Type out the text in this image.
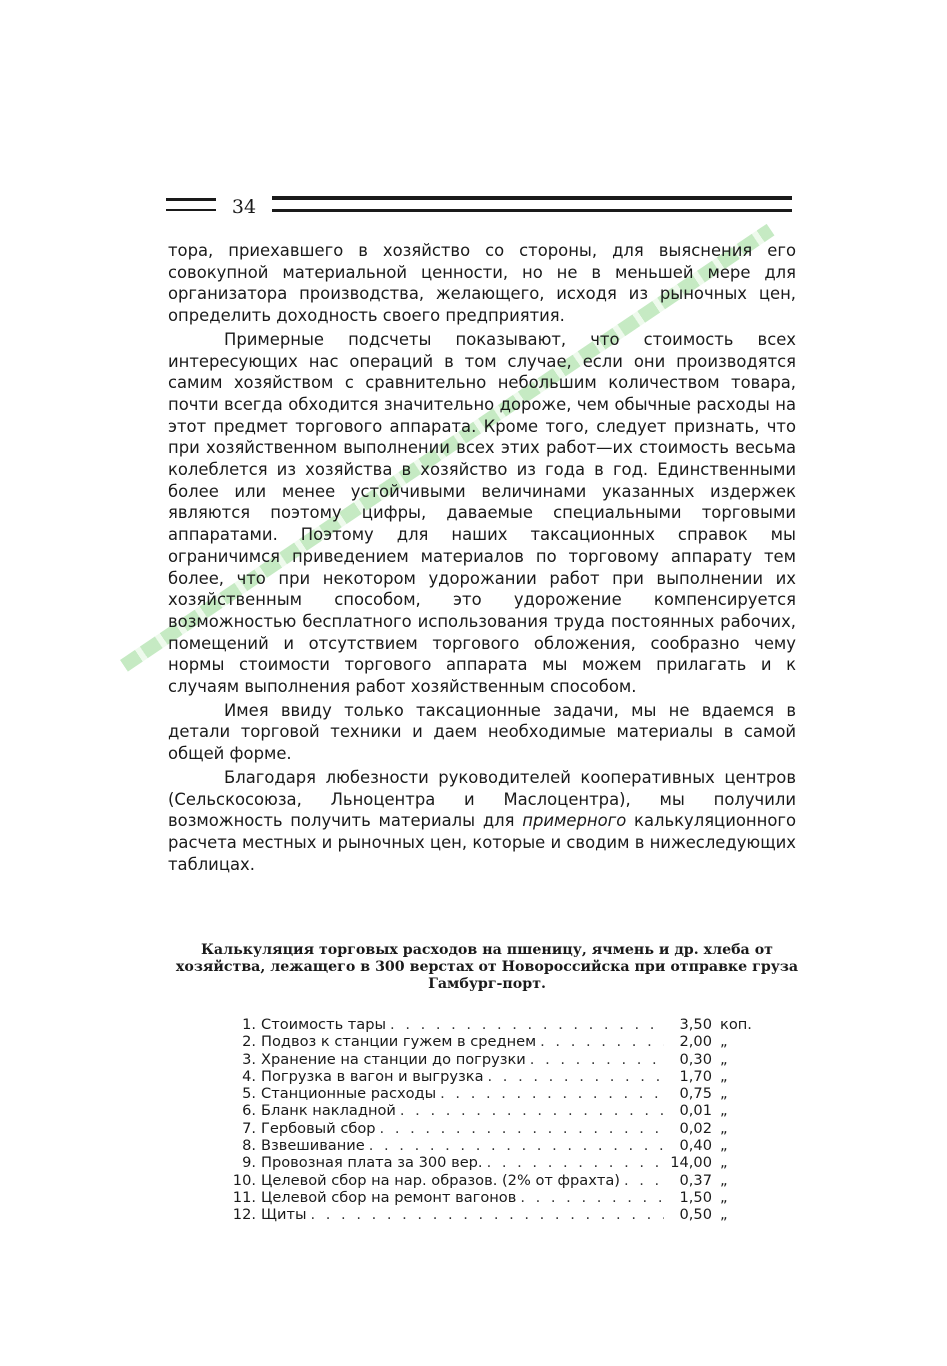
34

тора, приехавшего в хозяйство со стороны, для выяснения его совокупной материальной ценности, но не в меньшей мере для организатора производства, желающего, исходя из рыночных цен, определить доходность своего предприятия.

Примерные подсчеты показывают, что стоимость всех интересующих нас операций в том случае, если они производятся самим хозяйством с сравнительно небольшим количеством товара, почти всегда обходится значительно дороже, чем обычные расходы на этот предмет торгового аппарата. Кроме того, следует признать, что при хозяйственном выполнении всех этих работ—их стоимость весьма колеблется из хозяйства в хозяйство из года в год. Единственными более или менее устойчивыми величинами указанных издержек являются поэтому цифры, даваемые специальными торговыми аппаратами. Поэтому для наших таксационных справок мы ограничимся приведением материалов по торговому аппарату тем более, что при некотором удорожании работ при выполнении их хозяйственным способом, это удорожение компенсируется возможностью бесплатного использования труда постоянных рабочих, помещений и отсутствием торгового обложения, сообразно чему нормы стоимости торгового аппарата мы можем прилагать и к случаям выполнения работ хозяйственным способом.

Имея ввиду только таксационные задачи, мы не вдаемся в детали торговой техники и даем необходимые материалы в самой общей форме.

Благодаря любезности руководителей кооперативных центров (Сельскосоюза, Льноцентра и Маслоцентра), мы получили возможность получить материалы для примерного калькуляционного расчета местных и рыночных цен, которые и сводим в нижеследующих таблицах.

Калькуляция торговых расходов на пшеницу, ячмень и др. хлеба от хозяйства, лежащего в 300 верстах от Новороссийска при отправке груза Гамбург-порт.
1. Стоимость тары . . .	3,50 коп.
2. Подвоз к станции гужем в среднем . . .	2,00 „
3. Хранение на станции до погрузки . . .	0,30 „
4. Погрузка в вагон и выгрузка . . .	1,70 „
5. Станционные расходы . . .	0,75 „
6. Бланк накладной . . .	0,01 „
7. Гербовый сбор . . .	0,02 „
8. Взвешивание . . .	0,40 „
9. Провозная плата за 300 вер. . . .	14,00 „
10. Целевой сбор на нар. образов. (2% от фрахта) . . .	0,37 „
11. Целевой сбор на ремонт вагонов . . .	1,50 „
12. Щиты . . .	0,50 „
